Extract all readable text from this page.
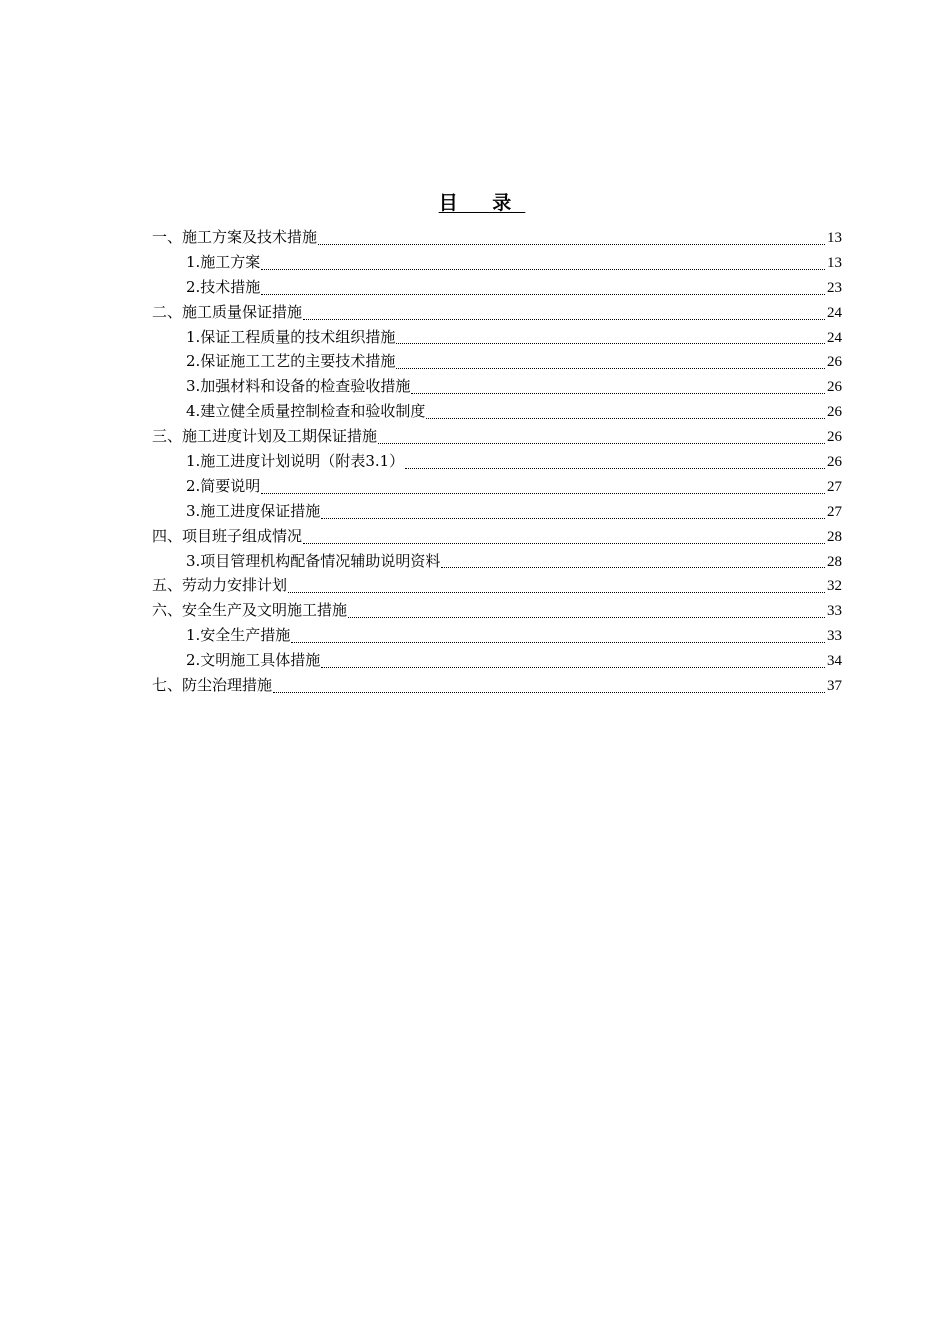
目 录
一、施工方案及技术措施	13
1.施工方案	13
2.技术措施	23
二、施工质量保证措施	24
1.保证工程质量的技术组织措施	24
2.保证施工工艺的主要技术措施	26
3.加强材料和设备的检查验收措施	26
4.建立健全质量控制检查和验收制度	26
三、施工进度计划及工期保证措施	26
1.施工进度计划说明（附表3.1）	26
2.简要说明	27
3.施工进度保证措施	27
四、项目班子组成情况	28
3.项目管理机构配备情况辅助说明资料	28
五、劳动力安排计划	32
六、安全生产及文明施工措施	33
1.安全生产措施	33
2.文明施工具体措施	34
七、防尘治理措施	37
